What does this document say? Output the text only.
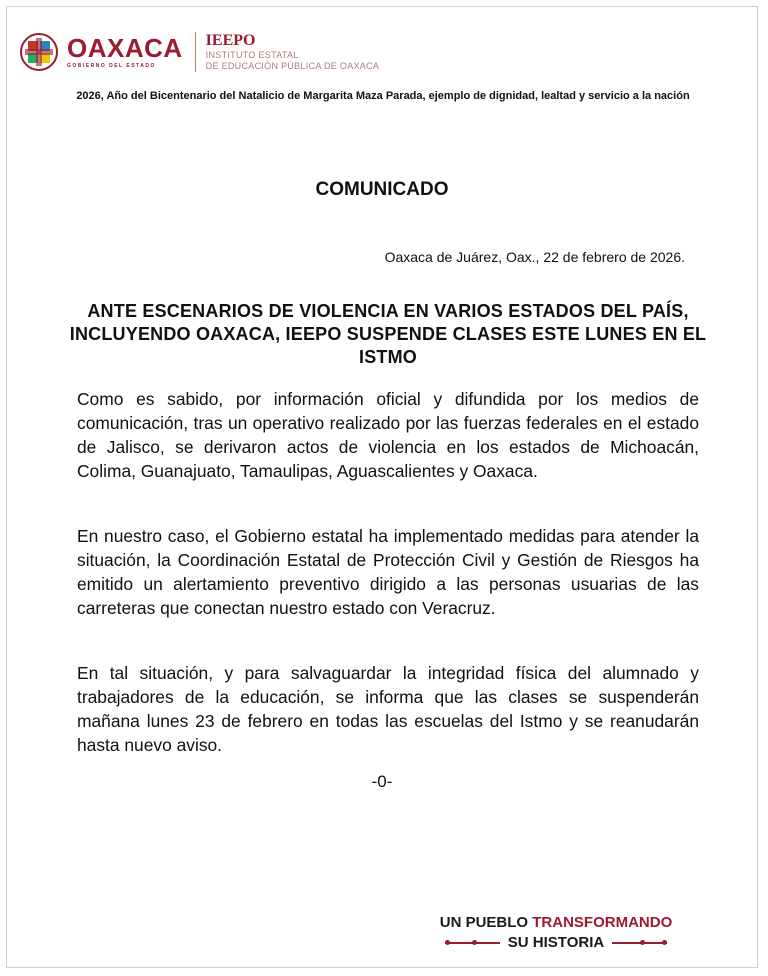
OAXACA
GOBIERNO DEL ESTADO
IEEPO
INSTITUTO ESTATAL
DE EDUCACIÓN PÚBLICA DE OAXACA
2026, Año del Bicentenario del Natalicio de Margarita Maza Parada, ejemplo de dignidad, lealtad y servicio a la nación
COMUNICADO
Oaxaca de Juárez, Oax., 22 de febrero de 2026.
ANTE ESCENARIOS DE VIOLENCIA EN VARIOS ESTADOS DEL PAÍS, INCLUYENDO OAXACA, IEEPO SUSPENDE CLASES ESTE LUNES EN EL ISTMO
Como es sabido, por información oficial y difundida por los medios de comunicación, tras un operativo realizado por las fuerzas federales en el estado de Jalisco, se derivaron actos de violencia en los estados de Michoacán, Colima, Guanajuato, Tamaulipas, Aguascalientes y Oaxaca.
En nuestro caso, el Gobierno estatal ha implementado medidas para atender la situación, la Coordinación Estatal de Protección Civil y Gestión de Riesgos ha emitido un alertamiento preventivo dirigido a las personas usuarias de las carreteras que conectan nuestro estado con Veracruz.
En tal situación, y para salvaguardar la integridad física del alumnado y trabajadores de la educación, se informa que las clases se suspenderán mañana lunes 23 de febrero en todas las escuelas del Istmo y se reanudarán hasta nuevo aviso.
-0-
UN PUEBLO TRANSFORMANDO
SU HISTORIA
